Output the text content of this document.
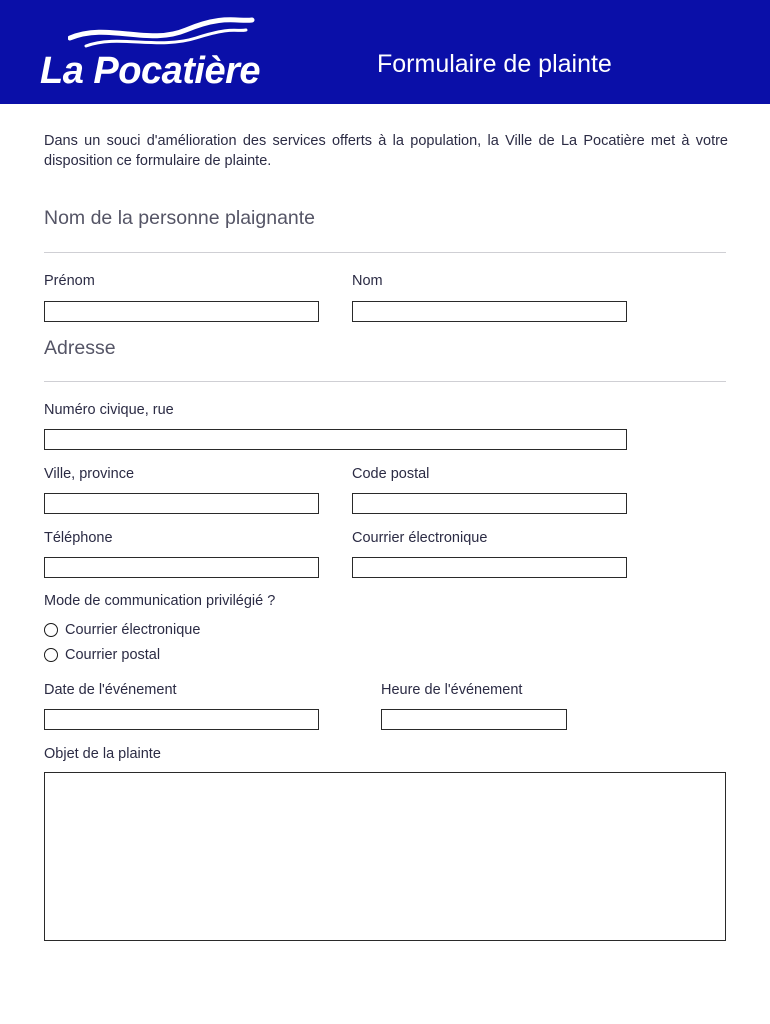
La Pocatière	Formulaire de plainte
Dans un souci d'amélioration des services offerts à la population, la Ville de La Pocatière met à votre disposition ce formulaire de plainte.
Nom de la personne plaignante
Prénom	Nom
Adresse
Numéro civique, rue
Ville, province	Code postal
Téléphone	Courrier électronique
Mode de communication privilégié ?
Courrier électronique
Courrier postal
Date de l'événement	Heure de l'événement
Objet de la plainte
